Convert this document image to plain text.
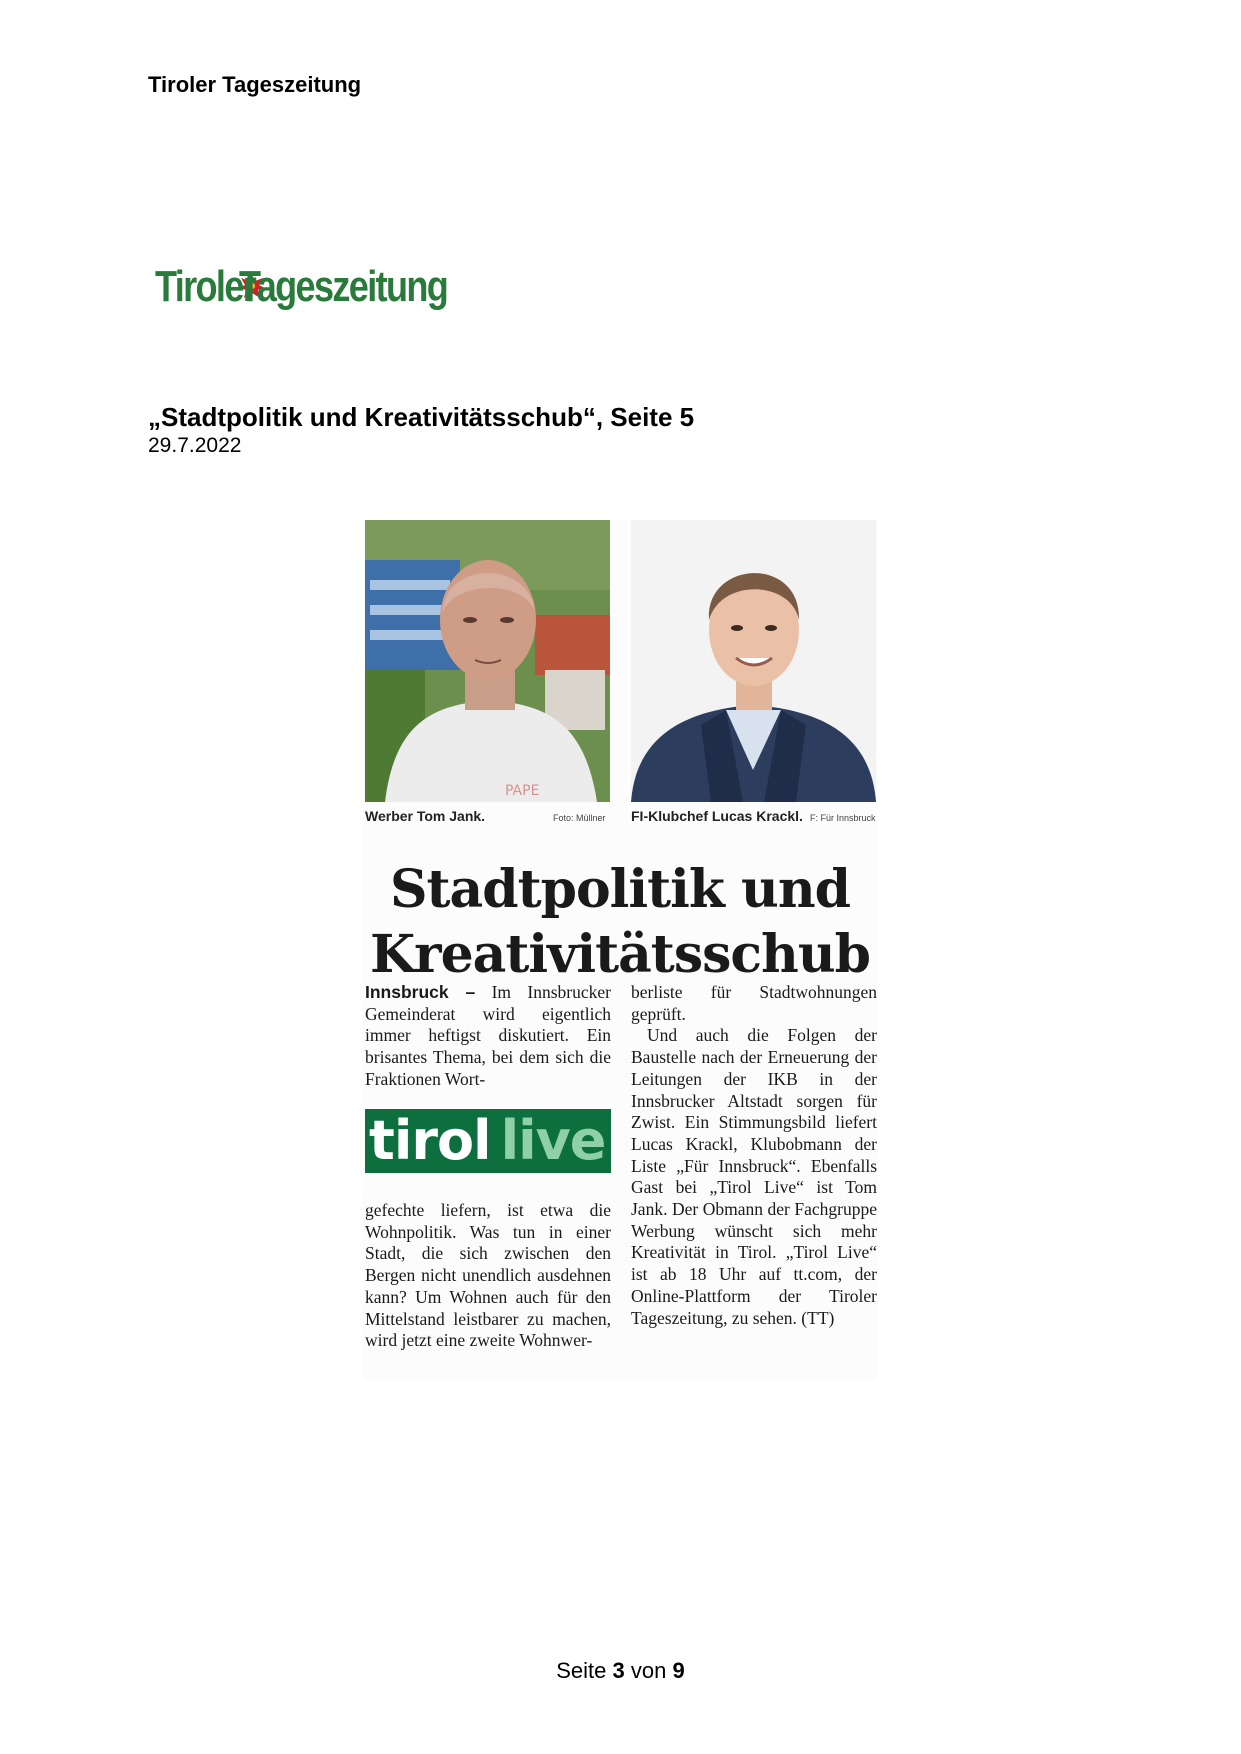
Tiroler Tageszeitung
Tiroler
Tageszeitung
„Stadtpolitik und Kreativitätsschub“, Seite 5
29.7.2022
PAPE
Werber Tom Jank.	Foto: Müllner FI-Klubchef Lucas Krackl. F: Für Innsbruck
Stadtpolitik und
Kreativitätsschub

Innsbruck – Im Innsbrucker Gemeinderat wird eigentlich immer heftigst diskutiert. Ein brisantes Thema, bei dem sich die Fraktionen Wort-

tirol live

gefechte liefern, ist etwa die Wohnpolitik. Was tun in einer Stadt, die sich zwischen den Bergen nicht unendlich ausdehnen kann? Um Wohnen auch für den Mittelstand leistbarer zu machen, wird jetzt eine zweite Wohnwer-

berliste für Stadtwohnungen geprüft.

Und auch die Folgen der Baustelle nach der Erneuerung der Leitungen der IKB in der Innsbrucker Altstadt sorgen für Zwist. Ein Stimmungsbild liefert Lucas Krackl, Klubobmann der Liste „Für Innsbruck“. Ebenfalls Gast bei „Tirol Live“ ist Tom Jank. Der Obmann der Fachgruppe Werbung wünscht sich mehr Kreativität in Tirol. „Tirol Live“ ist ab 18 Uhr auf tt.com, der Online-Plattform der Tiroler Tageszeitung, zu sehen. (TT)

Seite 3 von 9
